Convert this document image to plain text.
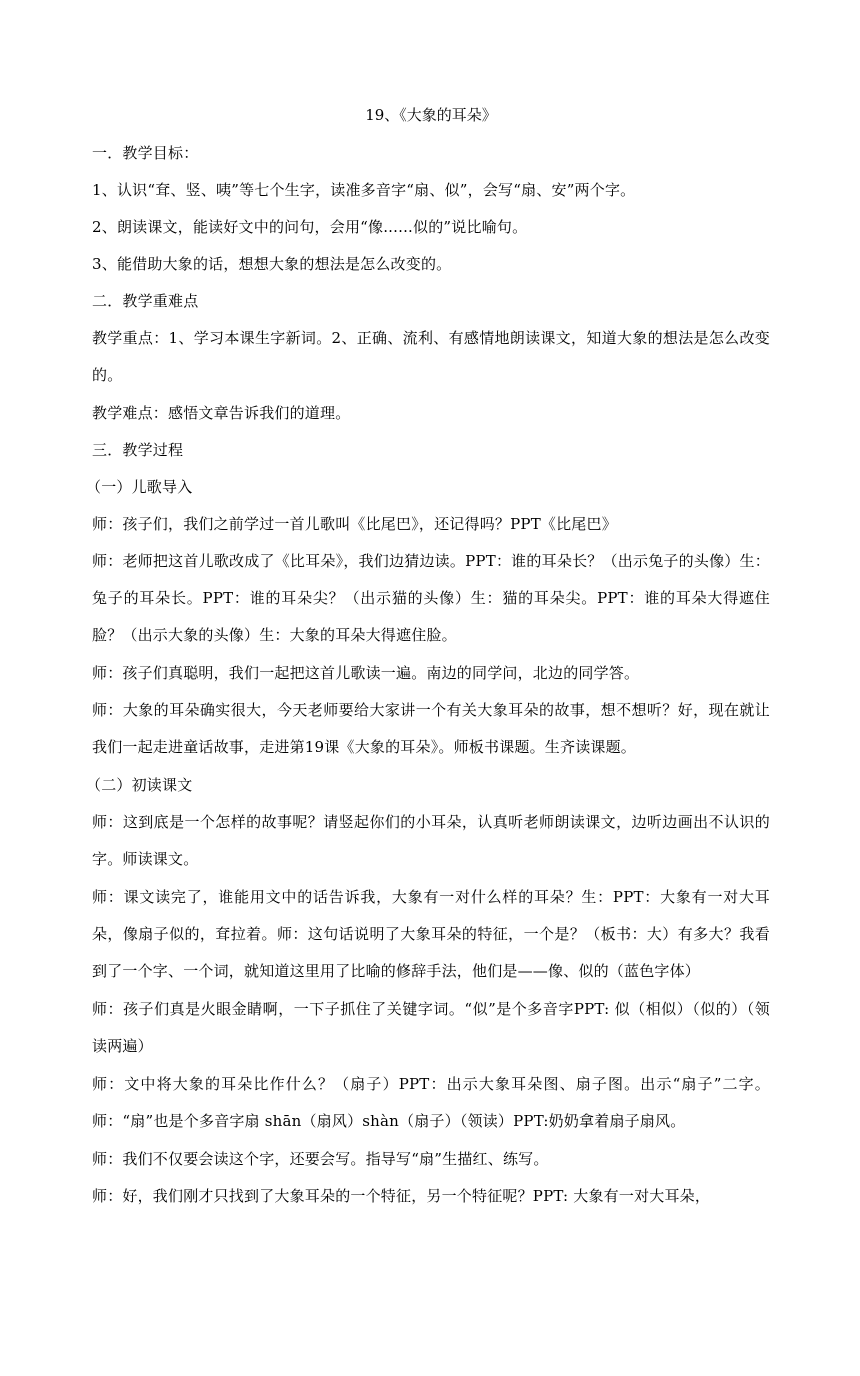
19、《大象的耳朵》
一．教学目标：
1、认识“耷、竖、咦”等七个生字，读准多音字“扇、似”，会写“扇、安”两个字。
2、朗读课文，能读好文中的问句，会用“像......似的”说比喻句。
3、能借助大象的话，想想大象的想法是怎么改变的。
二．教学重难点
教学重点：1、学习本课生字新词。2、正确、流利、有感情地朗读课文，知道大象的想法是怎么改变的。
教学难点：感悟文章告诉我们的道理。
三．教学过程
（一）儿歌导入
师：孩子们，我们之前学过一首儿歌叫《比尾巴》，还记得吗？PPT《比尾巴》
师：老师把这首儿歌改成了《比耳朵》，我们边猜边读。PPT：谁的耳朵长？（出示兔子的头像）生：兔子的耳朵长。PPT：谁的耳朵尖？（出示猫的头像）生：猫的耳朵尖。PPT：谁的耳朵大得遮住脸？（出示大象的头像）生：大象的耳朵大得遮住脸。
师：孩子们真聪明，我们一起把这首儿歌读一遍。南边的同学问，北边的同学答。
师：大象的耳朵确实很大，今天老师要给大家讲一个有关大象耳朵的故事，想不想听？好，现在就让我们一起走进童话故事，走进第19课《大象的耳朵》。师板书课题。生齐读课题。
（二）初读课文
师：这到底是一个怎样的故事呢？请竖起你们的小耳朵，认真听老师朗读课文，边听边画出不认识的字。师读课文。
师：课文读完了，谁能用文中的话告诉我，大象有一对什么样的耳朵？生：PPT：大象有一对大耳朵，像扇子似的，耷拉着。师：这句话说明了大象耳朵的特征，一个是？（板书：大）有多大？我看到了一个字、一个词，就知道这里用了比喻的修辞手法，他们是——像、似的（蓝色字体）
师：孩子们真是火眼金睛啊，一下子抓住了关键字词。“似”是个多音字PPT: 似（相似）（似的）（领读两遍）
师：文中将大象的耳朵比作什么？（扇子）PPT：出示大象耳朵图、扇子图。出示“扇子”二字。师：“扇”也是个多音字扇 shān（扇风）shàn（扇子）（领读）PPT:奶奶拿着扇子扇风。
师：我们不仅要会读这个字，还要会写。指导写“扇”生描红、练写。
师：好，我们刚才只找到了大象耳朵的一个特征，另一个特征呢？PPT: 大象有一对大耳朵，
